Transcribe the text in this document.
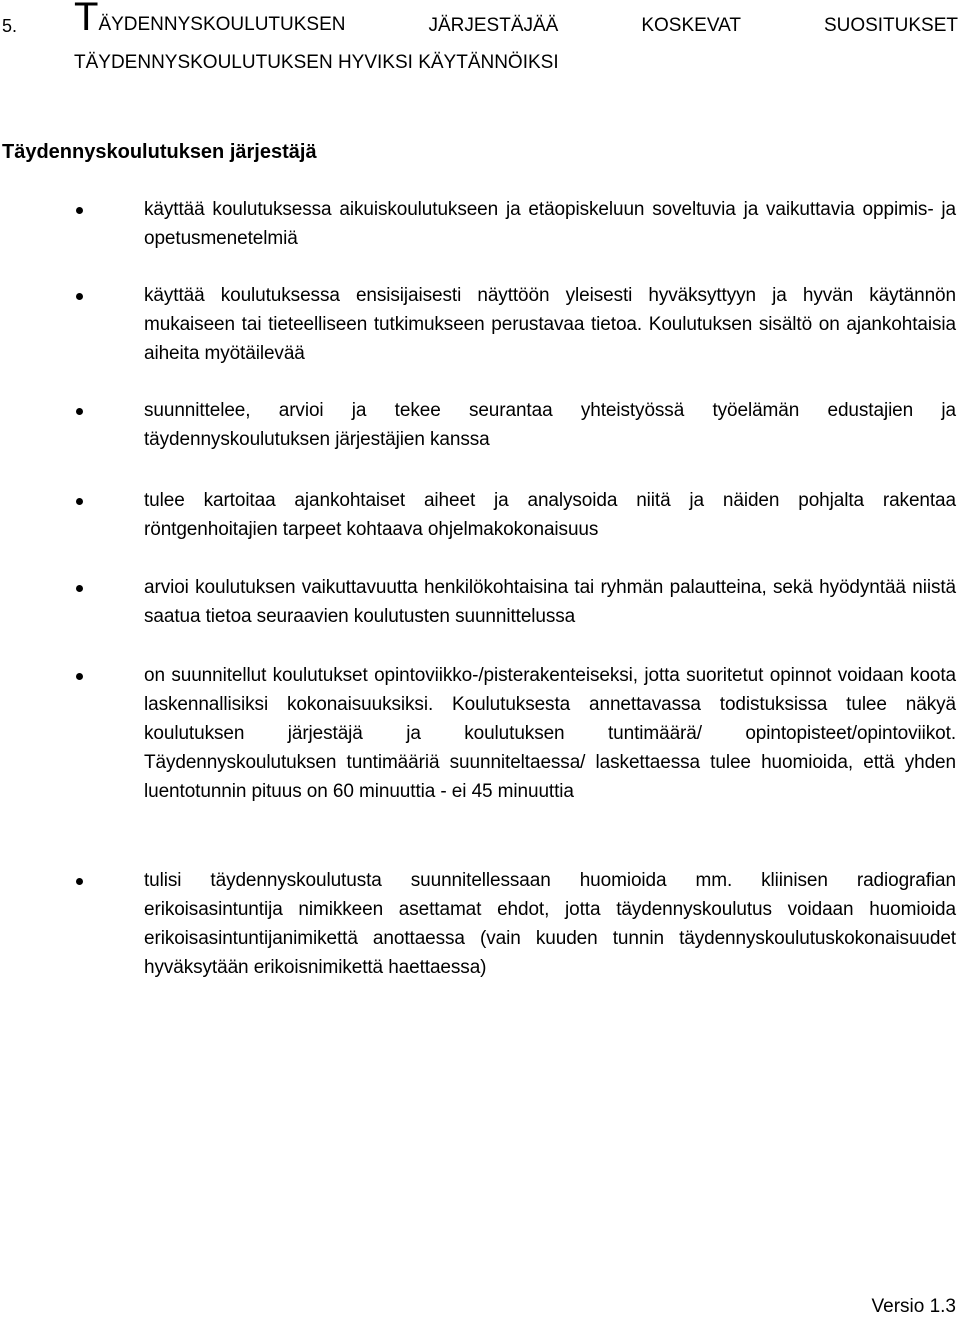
5. TÄYDENNYSKOULUTUKSEN	JÄRJESTÄJÄÄ	KOSKEVAT	SUOSITUKSET
TÄYDENNYSKOULUTUKSEN HYVIKSI KÄYTÄNNÖIKSI
Täydennyskoulutuksen järjestäjä
käyttää koulutuksessa aikuiskoulutukseen ja etäopiskeluun soveltuvia ja vaikuttavia oppimis- ja opetusmenetelmiä
käyttää koulutuksessa ensisijaisesti näyttöön yleisesti hyväksyttyyn ja hyvän käytännön mukaiseen tai tieteelliseen tutkimukseen perustavaa tietoa. Koulutuksen sisältö on ajankohtaisia aiheita myötäilevää
suunnittelee, arvioi ja tekee seurantaa yhteistyössä työelämän edustajien ja täydennyskoulutuksen järjestäjien kanssa
tulee kartoitaa ajankohtaiset aiheet ja analysoida niitä ja näiden pohjalta rakentaa röntgenhoitajien tarpeet kohtaava ohjelmakokonaisuus
arvioi koulutuksen vaikuttavuutta henkilökohtaisina tai ryhmän palautteina, sekä hyödyntää niistä saatua tietoa seuraavien koulutusten suunnittelussa
on suunnitellut koulutukset opintoviikko-/pisterakenteiseksi, jotta suoritetut opinnot voidaan koota laskennallisiksi kokonaisuuksiksi. Koulutuksesta annettavassa todistuksissa tulee näkyä koulutuksen järjestäjä ja koulutuksen tuntimäärä/ opintopisteet/opintoviikot. Täydennyskoulutuksen tuntimääriä suunniteltaessa/ laskettaessa tulee huomioida, että yhden luentotunnin pituus on 60 minuuttia - ei 45 minuuttia
tulisi täydennyskoulutusta suunnitellessaan huomioida mm. kliinisen radiografian erikoisasintuntija nimikkeen asettamat ehdot, jotta täydennyskoulutus voidaan huomioida erikoisasintuntijanimikettä anottaessa (vain kuuden tunnin täydennyskoulutuskokonaisuudet hyväksytään erikoisnimikettä haettaessa)
Versio 1.3
